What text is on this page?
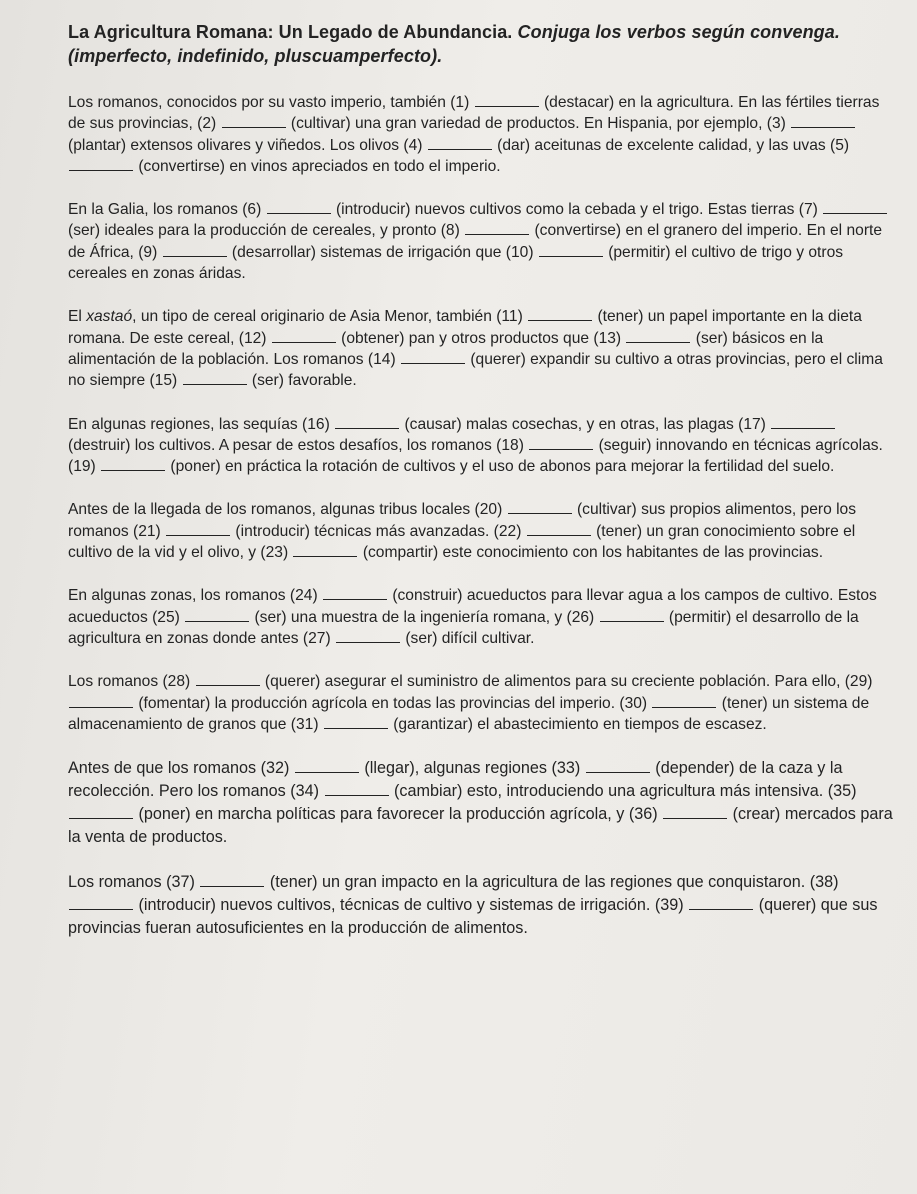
La Agricultura Romana: Un Legado de Abundancia. Conjuga los verbos según convenga. (imperfecto, indefinido, pluscuamperfecto).

Los romanos, conocidos por su vasto imperio, también (1)	(destacar) en la agricultura. En las fértiles tierras de sus provincias, (2)	(cultivar) una gran variedad de productos. En Hispania, por ejemplo, (3)  (plantar) extensos olivares y viñedos. Los olivos (4)	(dar) aceitunas de excelente calidad, y las uvas (5)  (convertirse) en vinos apreciados en todo el imperio.

En la Galia, los romanos (6)	(introducir) nuevos cultivos como la cebada y el trigo. Estas tierras (7)  (ser) ideales para la producción de cereales, y pronto (8)	(convertirse) en el granero del imperio. En el norte de África, (9)	(desarrollar) sistemas de irrigación que (10)	(permitir) el cultivo de trigo y otros cereales en zonas áridas.

El xastaó, un tipo de cereal originario de Asia Menor, también (11)	(tener) un papel importante en la dieta romana. De este cereal, (12)	(obtener) pan y otros productos que (13)	(ser) básicos en la alimentación de la población. Los romanos (14)	(querer) expandir su cultivo a otras provincias, pero el clima no siempre (15)	(ser) favorable.

En algunas regiones, las sequías (16)	(causar) malas cosechas, y en otras, las plagas (17)  (destruir) los cultivos. A pesar de estos desafíos, los romanos (18)	(seguir) innovando en técnicas agrícolas. (19)	(poner) en práctica la rotación de cultivos y el uso de abonos para mejorar la fertilidad del suelo.

Antes de la llegada de los romanos, algunas tribus locales (20)	(cultivar) sus propios alimentos, pero los romanos (21)	(introducir) técnicas más avanzadas. (22)	(tener) un gran conocimiento sobre el cultivo de la vid y el olivo, y (23)	(compartir) este conocimiento con los habitantes de las provincias.

En algunas zonas, los romanos (24)	(construir) acueductos para llevar agua a los campos de cultivo. Estos acueductos (25)	(ser) una muestra de la ingeniería romana, y (26)	(permitir) el desarrollo de la agricultura en zonas donde antes (27)	(ser) difícil cultivar.

Los romanos (28)	(querer) asegurar el suministro de alimentos para su creciente población. Para ello, (29)  (fomentar) la producción agrícola en todas las provincias del imperio. (30)	(tener) un sistema de almacenamiento de granos que (31)	(garantizar) el abastecimiento en tiempos de escasez.

Antes de que los romanos (32)	(llegar), algunas regiones (33)	(depender) de la caza y la recolección. Pero los romanos (34)	(cambiar) esto, introduciendo una agricultura más intensiva. (35)  (poner) en marcha políticas para favorecer la producción agrícola, y (36)	(crear) mercados para la venta de productos.

Los romanos (37)	(tener) un gran impacto en la agricultura de las regiones que conquistaron. (38)  (introducir) nuevos cultivos, técnicas de cultivo y sistemas de irrigación. (39)	(querer) que sus provincias fueran autosuficientes en la producción de alimentos.
